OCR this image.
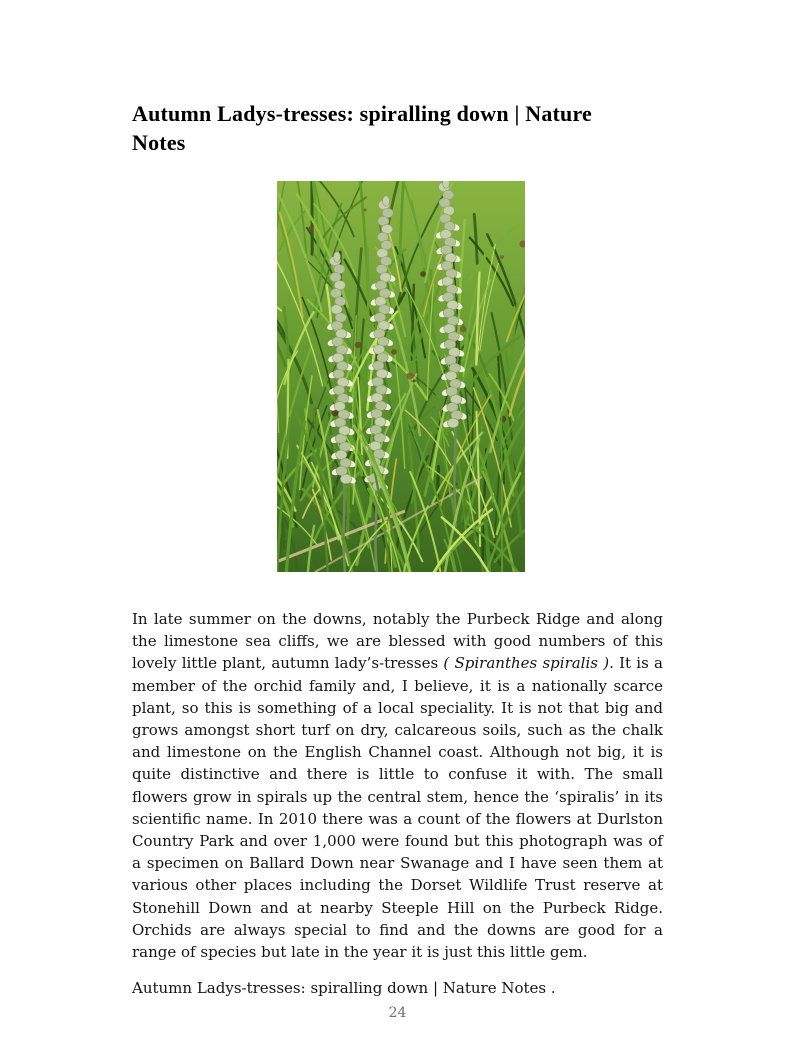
Autumn Ladys-tresses: spiralling down | Nature Notes

In late summer on the downs, notably the Purbeck Ridge and along the limestone sea cliffs, we are blessed with good numbers of this lovely little plant, autumn lady’s-tresses ( Spiranthes spiralis ). It is a member of the orchid family and, I believe, it is a nationally scarce plant, so this is something of a local speciality. It is not that big and grows amongst short turf on dry, calcareous soils, such as the chalk and limestone on the English Channel coast. Although not big, it is quite distinctive and there is little to confuse it with. The small flowers grow in spirals up the central stem, hence the ‘spiralis’ in its scientific name. In 2010 there was a count of the flowers at Durlston Country Park and over 1,000 were found but this photograph was of a specimen on Ballard Down near Swanage and I have seen them at various other places including the Dorset Wildlife Trust reserve at Stonehill Down and at nearby Steeple Hill on the Purbeck Ridge. Orchids are always special to find and the downs are good for a range of species but late in the year it is just this little gem.

Autumn Ladys-tresses: spiralling down | Nature Notes .

24
